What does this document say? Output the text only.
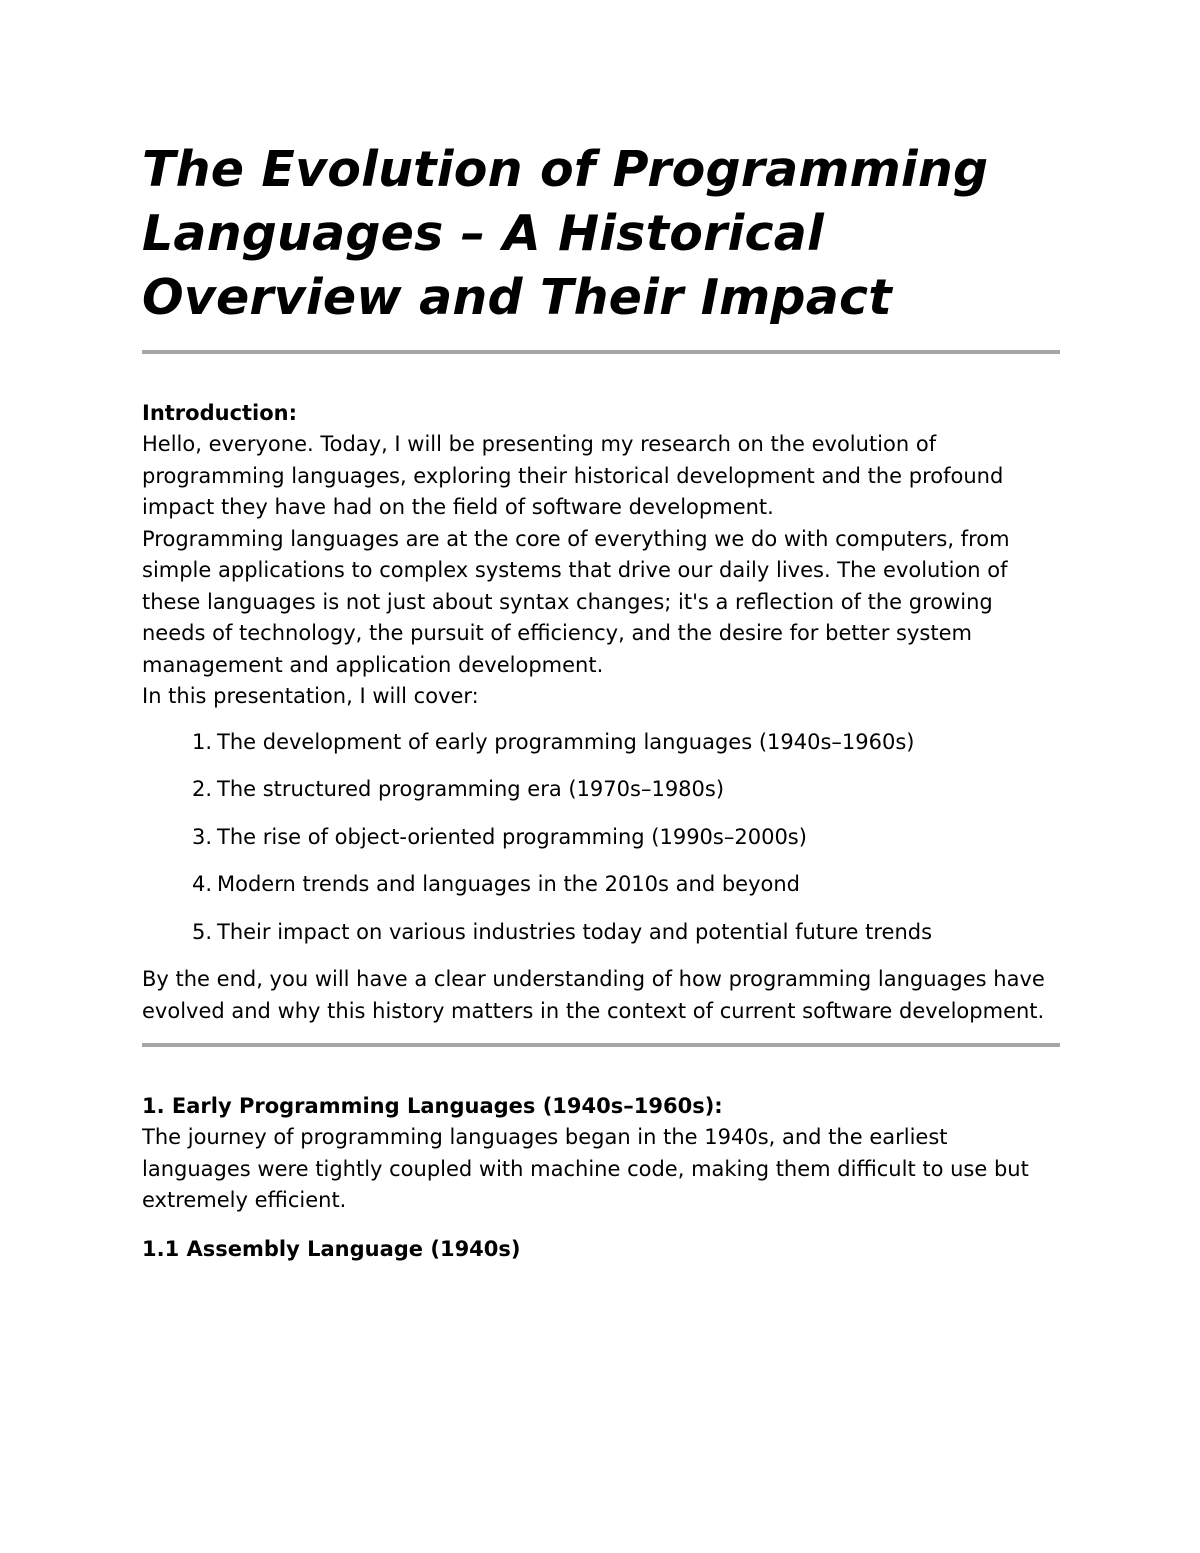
The Evolution of Programming Languages – A Historical Overview and Their Impact
Introduction:

Hello, everyone. Today, I will be presenting my research on the evolution of programming languages, exploring their historical development and the profound impact they have had on the field of software development.

Programming languages are at the core of everything we do with computers, from simple applications to complex systems that drive our daily lives. The evolution of these languages is not just about syntax changes; it's a reflection of the growing needs of technology, the pursuit of efficiency, and the desire for better system management and application development.

In this presentation, I will cover:

1. The development of early programming languages (1940s–1960s)
2. The structured programming era (1970s–1980s)
3. The rise of object-oriented programming (1990s–2000s)
4. Modern trends and languages in the 2010s and beyond
5. Their impact on various industries today and potential future trends

By the end, you will have a clear understanding of how programming languages have evolved and why this history matters in the context of current software development.

1. Early Programming Languages (1940s–1960s):

The journey of programming languages began in the 1940s, and the earliest languages were tightly coupled with machine code, making them difficult to use but extremely efficient.

1.1 Assembly Language (1940s)
